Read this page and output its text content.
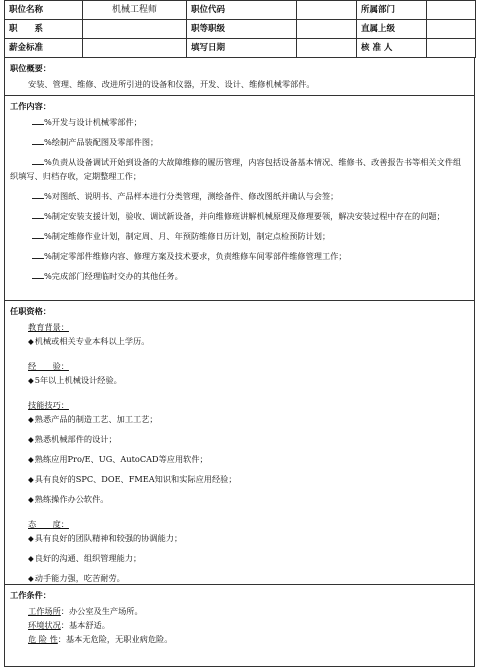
职位名称	机械工程师	职位代码		所属部门	
职　　系		职等职级		直属上级	
薪金标准		填写日期		核 准 人	
职位概要：
安装、管理、维修、改进所引进的设备和仪器，开发、设计、维修机械零部件。
工作内容：
%开发与设计机械零部件；
%绘制产品装配图及零部件图；
%负责从设备调试开始到设备的大故障维修的履历管理，内容包括设备基本情况、维修书、改善报告书等相关文件组织填写、归档存收，定期整理工作；
%对图纸、说明书、产品样本进行分类管理，测绘备件、修改图纸并确认与会签；
%制定安装支援计划，验收、调试新设备，并向维修班讲解机械原理及修理要领，解决安装过程中存在的问题；
%制定维修作业计划，制定周、月、年预防维修日历计划，制定点检预防计划；
%制定零部件维修内容、修理方案及技术要求，负责维修车间零部件维修管理工作；
%完成部门经理临时交办的其他任务。
任职资格：
教育背景：
◆ 机械或相关专业本科以上学历。
经　　验：
◆ 5年以上机械设计经验。
技能技巧：
◆ 熟悉产品的制造工艺、加工工艺；
◆ 熟悉机械部件的设计；
◆ 熟练应用Pro/E、UG、AutoCAD等应用软件；
◆ 具有良好的SPC、DOE、FMEA知识和实际应用经验；
◆ 熟练操作办公软件。
态　　度：
◆ 具有良好的团队精神和较强的协调能力；
◆ 良好的沟通、组织管理能力；
◆ 动手能力强，吃苦耐劳。
工作条件：
工作场所：办公室及生产场所。
环境状况：基本舒适。
危 险 性：基本无危险，无职业病危险。
